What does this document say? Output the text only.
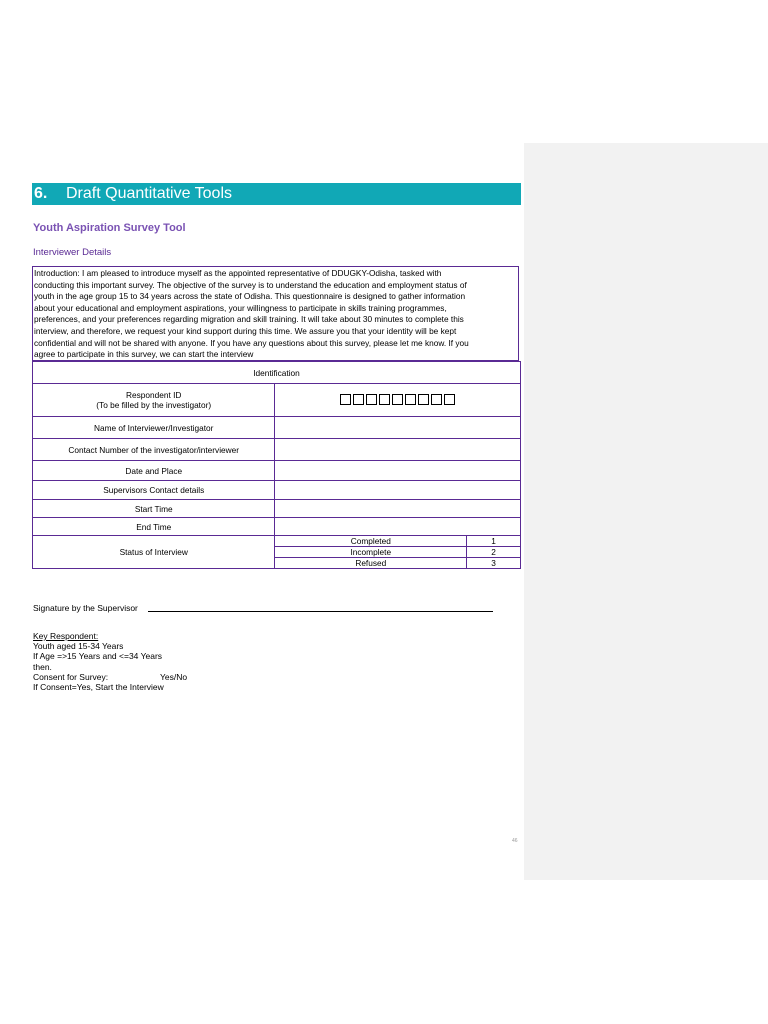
46
6. Draft Quantitative Tools
Youth Aspiration Survey Tool
Interviewer Details
Introduction: I am pleased to introduce myself as the appointed representative of DDUGKY-Odisha, tasked with
conducting this important survey. The objective of the survey is to understand the education and employment status of
youth in the age group 15 to 34 years across the state of Odisha. This questionnaire is designed to gather information
about your educational and employment aspirations, your willingness to participate in skills training programmes,
preferences, and your preferences regarding migration and skill training. It will take about 30 minutes to complete this
interview, and therefore, we request your kind support during this time. We assure you that your identity will be kept
confidential and will not be shared with anyone. If you have any questions about this survey, please let me know. If you
agree to participate in this survey, we can start the interview
Identification		

Respondent ID
(To be filled by the investigator)		

Name of Interviewer/Investigator		
Contact Number of the investigator/interviewer		
Date and Place		
Supervisors Contact details		
Start Time		
End Time		
Status of Interview	Completed	1
	Incomplete	2
	Refused	3
Signature by the Supervisor
Key Respondent:
Youth aged 15-34 Years
If Age =>15 Years and <=34 Years
then.
Consent for Survey:	Yes/No
If Consent=Yes, Start the Interview
